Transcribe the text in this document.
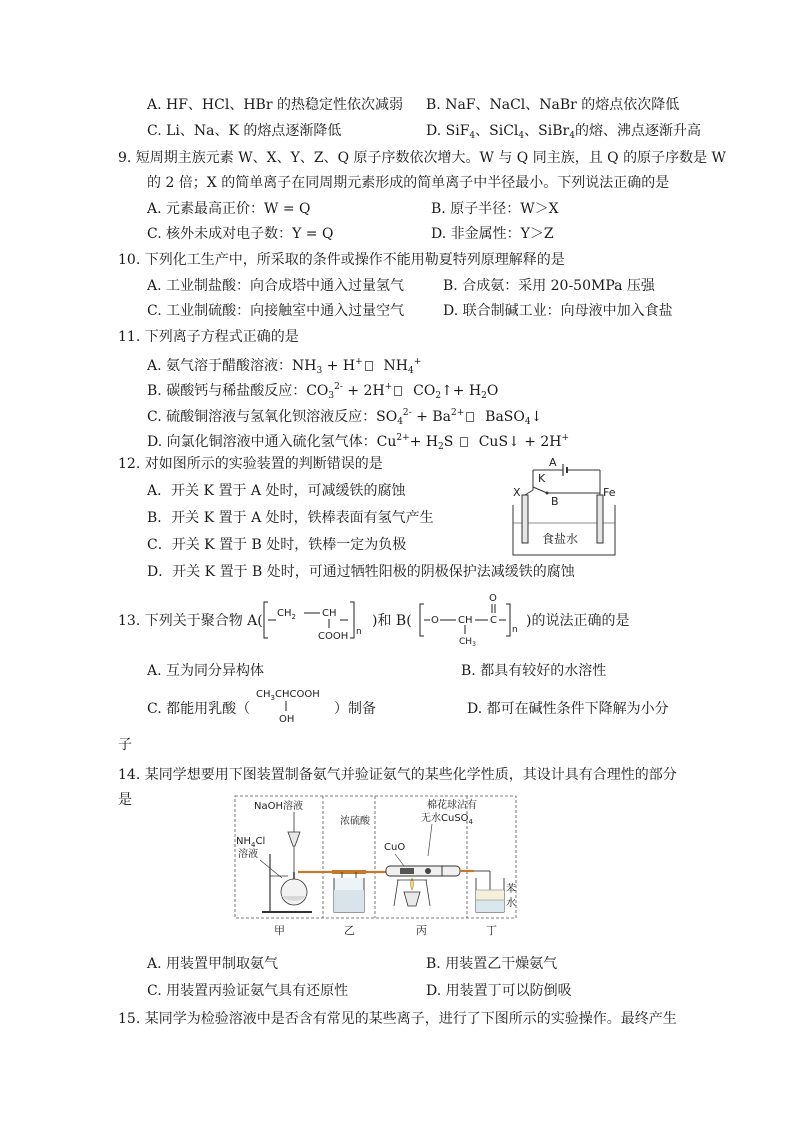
A. HF、HCl、HBr 的热稳定性依次减弱 B. NaF、NaCl、NaBr 的熔点依次降低
C. Li、Na、K 的熔点逐渐降低	D. SiF$_4$、SiCl$_4$、SiBr$_4$的熔、沸点逐渐升高
9. 短周期主族元素 W、X、Y、Z、Q 原子序数依次增大。W 与 Q 同主族，且 Q 的原子序数是 W
的 2 倍；X 的简单离子在同周期元素形成的简单离子中半径最小。下列说法正确的是
A. 元素最高正价：W = Q	B. 原子半径：W＞X
C. 核外未成对电子数：Y = Q	D. 非金属性：Y＞Z
10. 下列化工生产中，所采取的条件或操作不能用勒夏特列原理解释的是
A. 工业制盐酸：向合成塔中通入过量氢气	B. 合成氨：采用 20-50MPa 压强
C. 工业制硫酸：向接触室中通入过量空气	D. 联合制碱工业：向母液中加入食盐
11. 下列离子方程式正确的是
A. 氨气溶于醋酸溶液：$NH_3 + H^+$ $NH_4^+$
B. 碳酸钙与稀盐酸反应：$CO_3^{2-} + 2H^+$ $CO_2↑+ H_2O$
C. 硫酸铜溶液与氢氧化钡溶液反应：$SO_4^{2-} + Ba^{2+}$ BaSO$_4$↓
D. 向氯化铜溶液中通入硫化氢气体：$Cu^{2+}+ H_2S$ CuS↓ + 2H+
12. 对如图所示的实验装置的判断错误的是
A．开关 K 置于 A 处时，可减缓铁的腐蚀
B．开关 K 置于 A 处时，铁棒表面有氢气产生
C．开关 K 置于 B 处时，铁棒一定为负极
D．开关 K 置于 B 处时，可通过牺牲阳极的阴极保护法减缓铁的腐蚀
A
K
B
X	Fe
食盐水
13. 下列关于聚合物 A( $CH_2$	CH
COOH n
)和 B( O CH
$CH_3$
C
O
n
)的说法正确的是
A. 互为同分异构体	B. 都具有较好的水溶性
C. 都能用乳酸（
$CH_3CHCOOH$
OH
）制备	D. 都可在碱性条件下降解为小分
子
14. 某同学想要用下图装置制备氨气并验证氨气的某些化学性质，其设计具有合理性的部分
是	NaOH溶液
$NH_4Cl$
溶液
浓硫酸
棉花球沾有
无水CuSO$_4$
CuO
苯
水
甲	乙	丙	丁
A. 用装置甲制取氨气	B. 用装置乙干燥氨气
C. 用装置丙验证氨气具有还原性	D. 用装置丁可以防倒吸
15. 某同学为检验溶液中是否含有常见的某些离子，进行了下图所示的实验操作。最终产生
